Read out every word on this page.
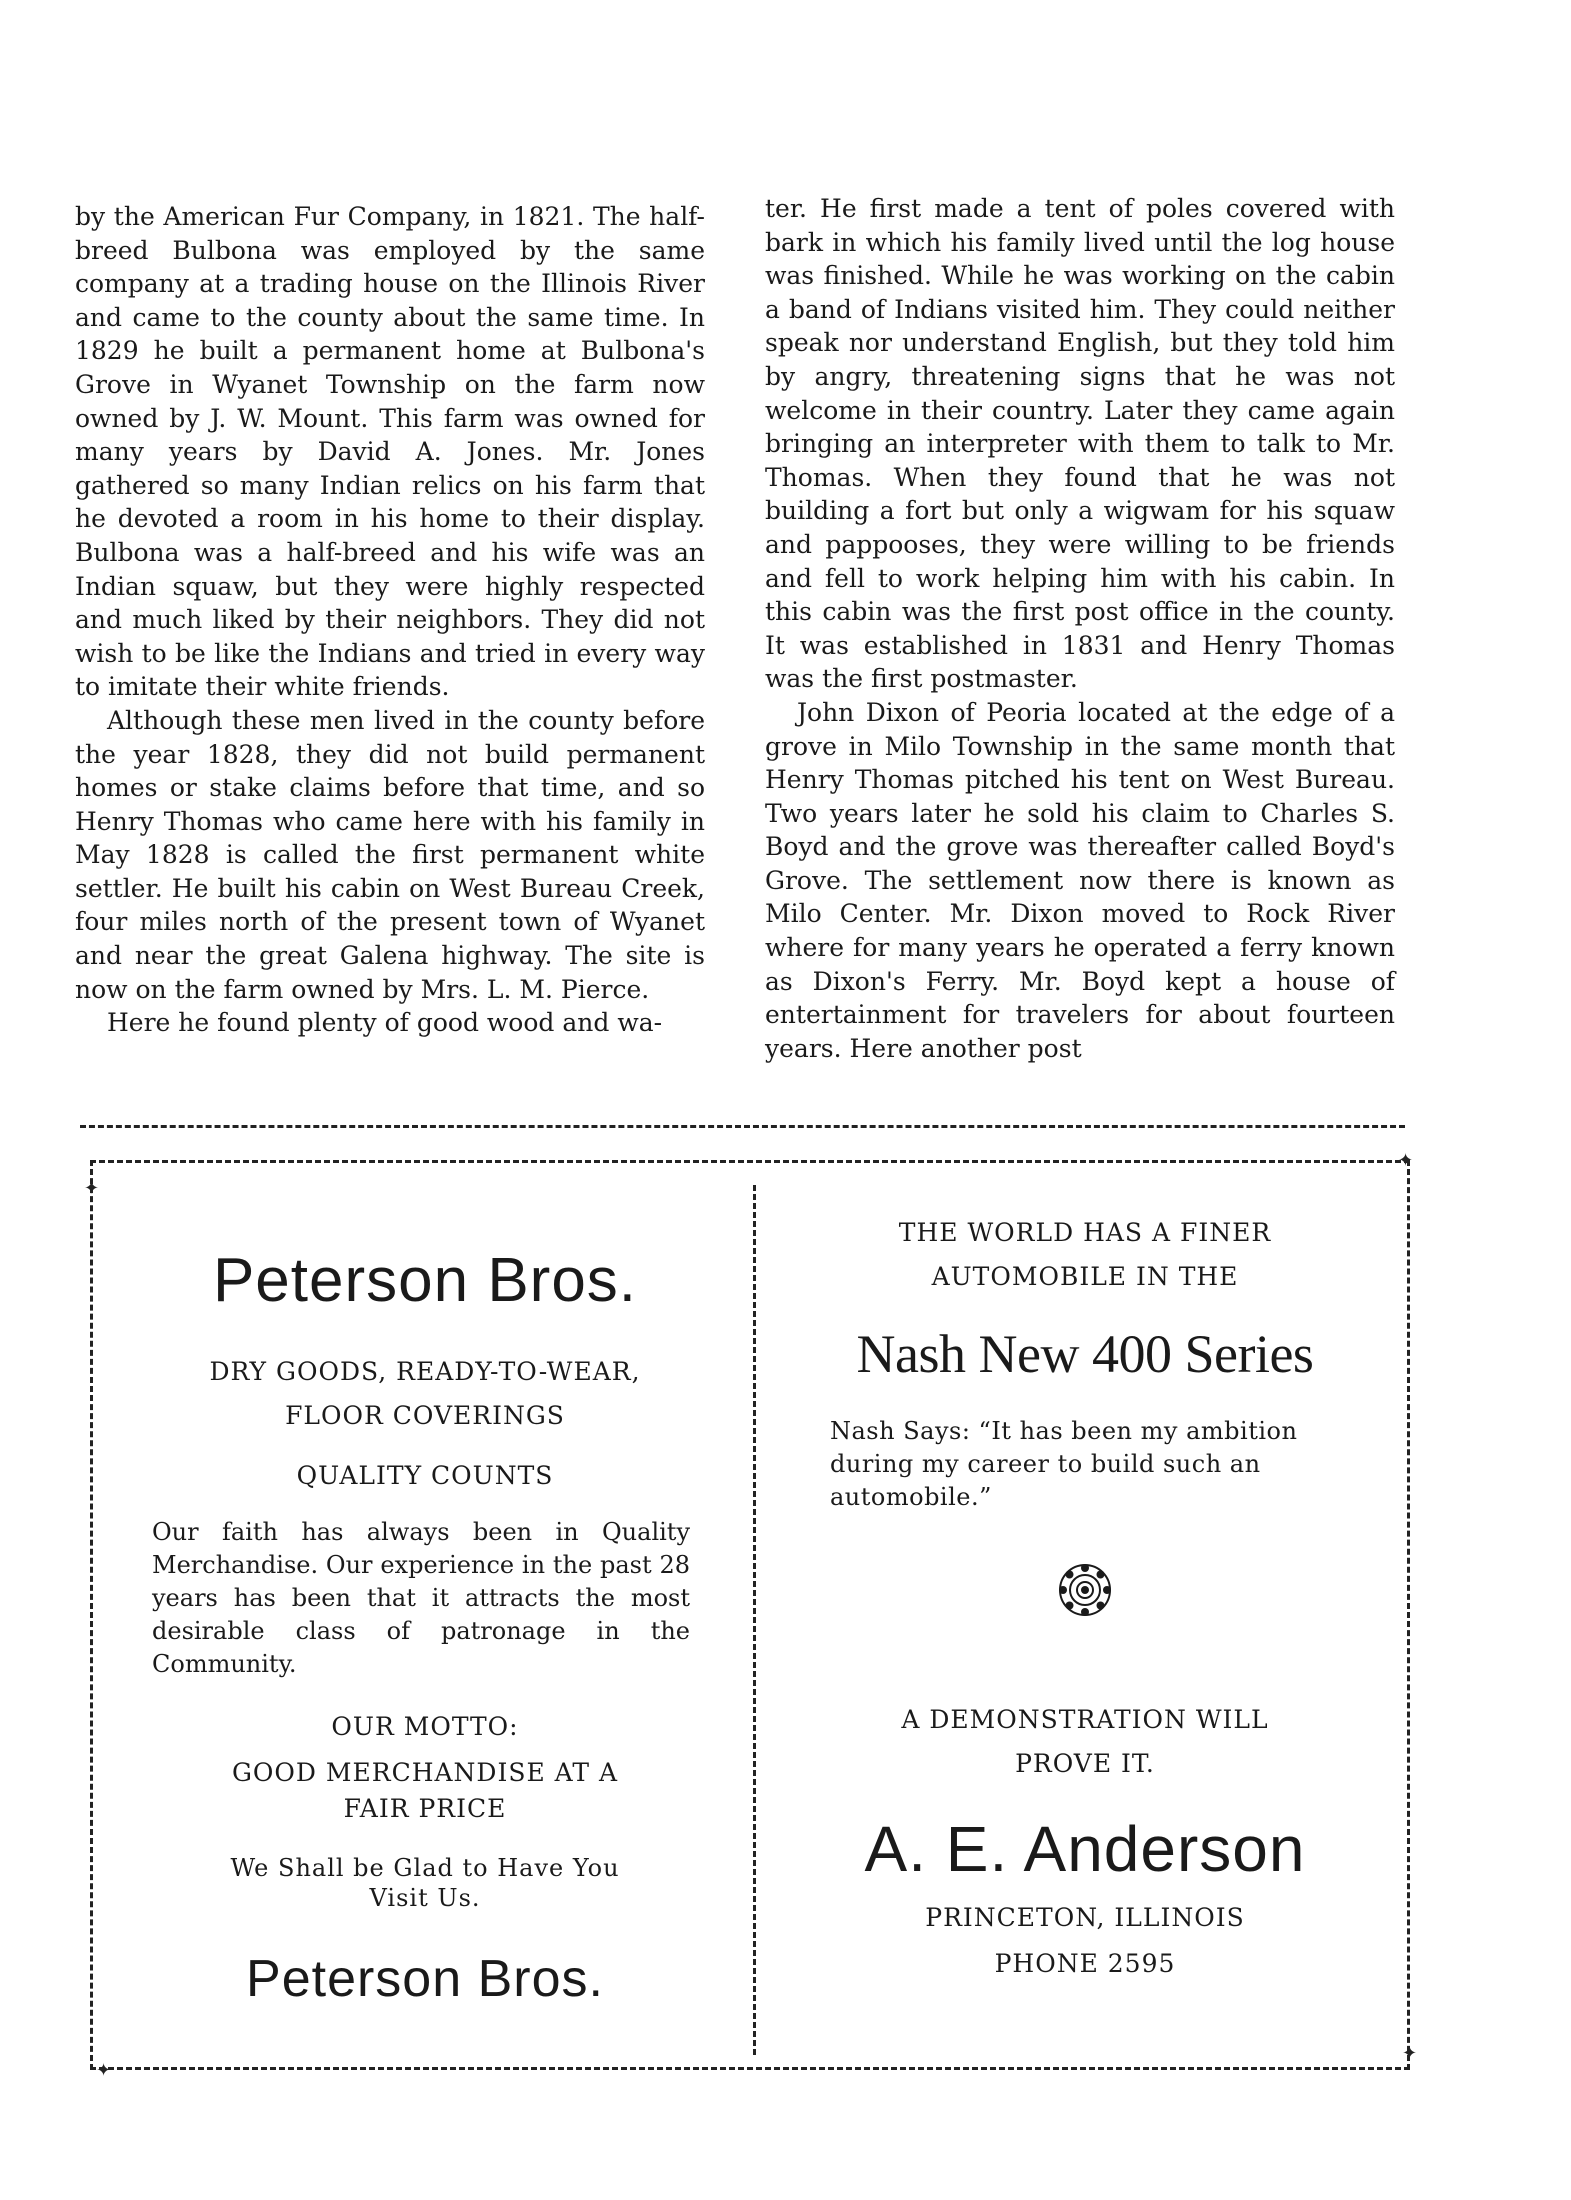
by the American Fur Company, in 1821. The half-breed Bulbona was employed by the same company at a trading house on the Illinois River and came to the county about the same time. In 1829 he built a permanent home at Bulbona's Grove in Wyanet Township on the farm now owned by J. W. Mount. This farm was owned for many years by David A. Jones. Mr. Jones gathered so many Indian relics on his farm that he devoted a room in his home to their display. Bulbona was a half-breed and his wife was an Indian squaw, but they were highly respected and much liked by their neighbors. They did not wish to be like the Indians and tried in every way to imitate their white friends.

Although these men lived in the county before the year 1828, they did not build permanent homes or stake claims before that time, and so Henry Thomas who came here with his family in May 1828 is called the first permanent white settler. He built his cabin on West Bureau Creek, four miles north of the present town of Wyanet and near the great Galena highway. The site is now on the farm owned by Mrs. L. M. Pierce.

Here he found plenty of good wood and wa-

ter. He first made a tent of poles covered with bark in which his family lived until the log house was finished. While he was working on the cabin a band of Indians visited him. They could neither speak nor understand English, but they told him by angry, threatening signs that he was not welcome in their country. Later they came again bringing an interpreter with them to talk to Mr. Thomas. When they found that he was not building a fort but only a wigwam for his squaw and pappooses, they were willing to be friends and fell to work helping him with his cabin. In this cabin was the first post office in the county. It was established in 1831 and Henry Thomas was the first postmaster.

John Dixon of Peoria located at the edge of a grove in Milo Township in the same month that Henry Thomas pitched his tent on West Bureau. Two years later he sold his claim to Charles S. Boyd and the grove was thereafter called Boyd's Grove. The settlement now there is known as Milo Center. Mr. Dixon moved to Rock River where for many years he operated a ferry known as Dixon's Ferry. Mr. Boyd kept a house of entertainment for travelers for about fourteen years. Here another post

✦
✦
✦
✦

Peterson Bros.

DRY GOODS, READY-TO-WEAR,

FLOOR COVERINGS

QUALITY COUNTS

Our faith has always been in Quality Merchandise. Our experience in the past 28 years has been that it attracts the most desirable class of patronage in the Community.

OUR MOTTO:

GOOD MERCHANDISE AT A

FAIR PRICE

We Shall be Glad to Have You

Visit Us.

Peterson Bros.

THE WORLD HAS A FINER

AUTOMOBILE IN THE

Nash New 400 Series

Nash Says: “It has been my ambition during my career to build such an automobile.”

A DEMONSTRATION WILL

PROVE IT.

A. E. Anderson

PRINCETON, ILLINOIS

PHONE 2595
